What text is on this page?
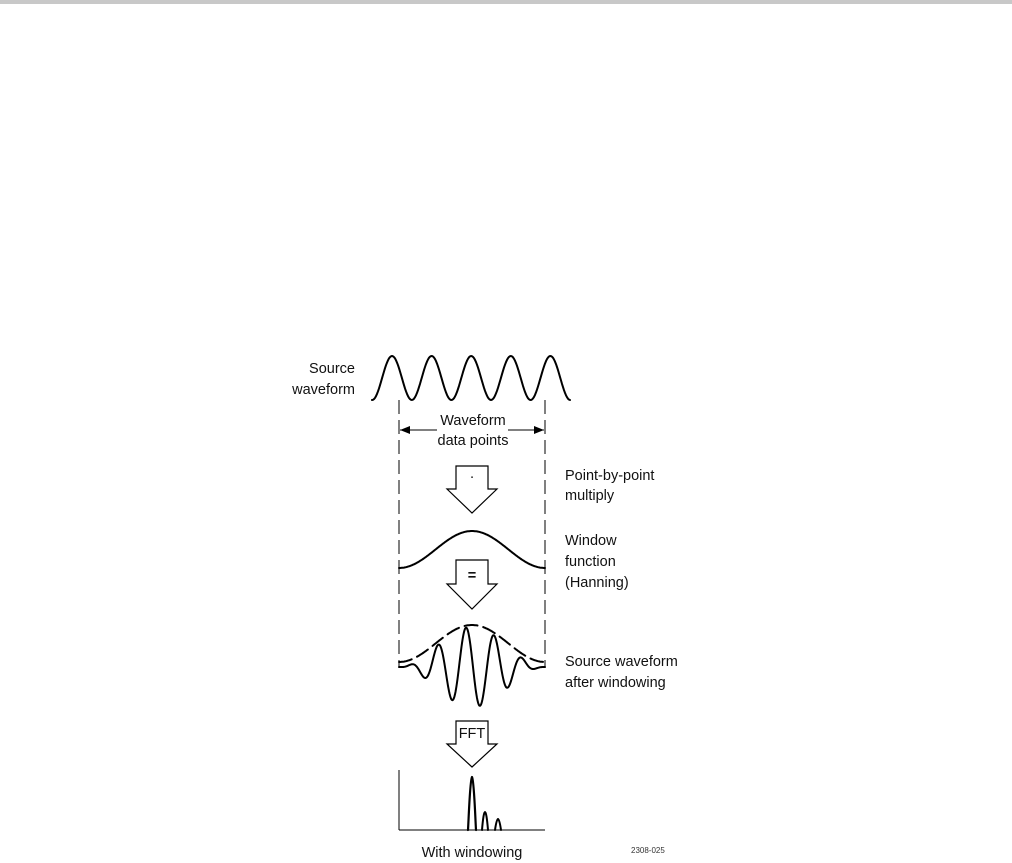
Source
waveform
Waveform
data points
·	Point-by-point
multiply
Window
function
(Hanning)
=
Source waveform
after windowing
FFT
With windowing	2308-025
